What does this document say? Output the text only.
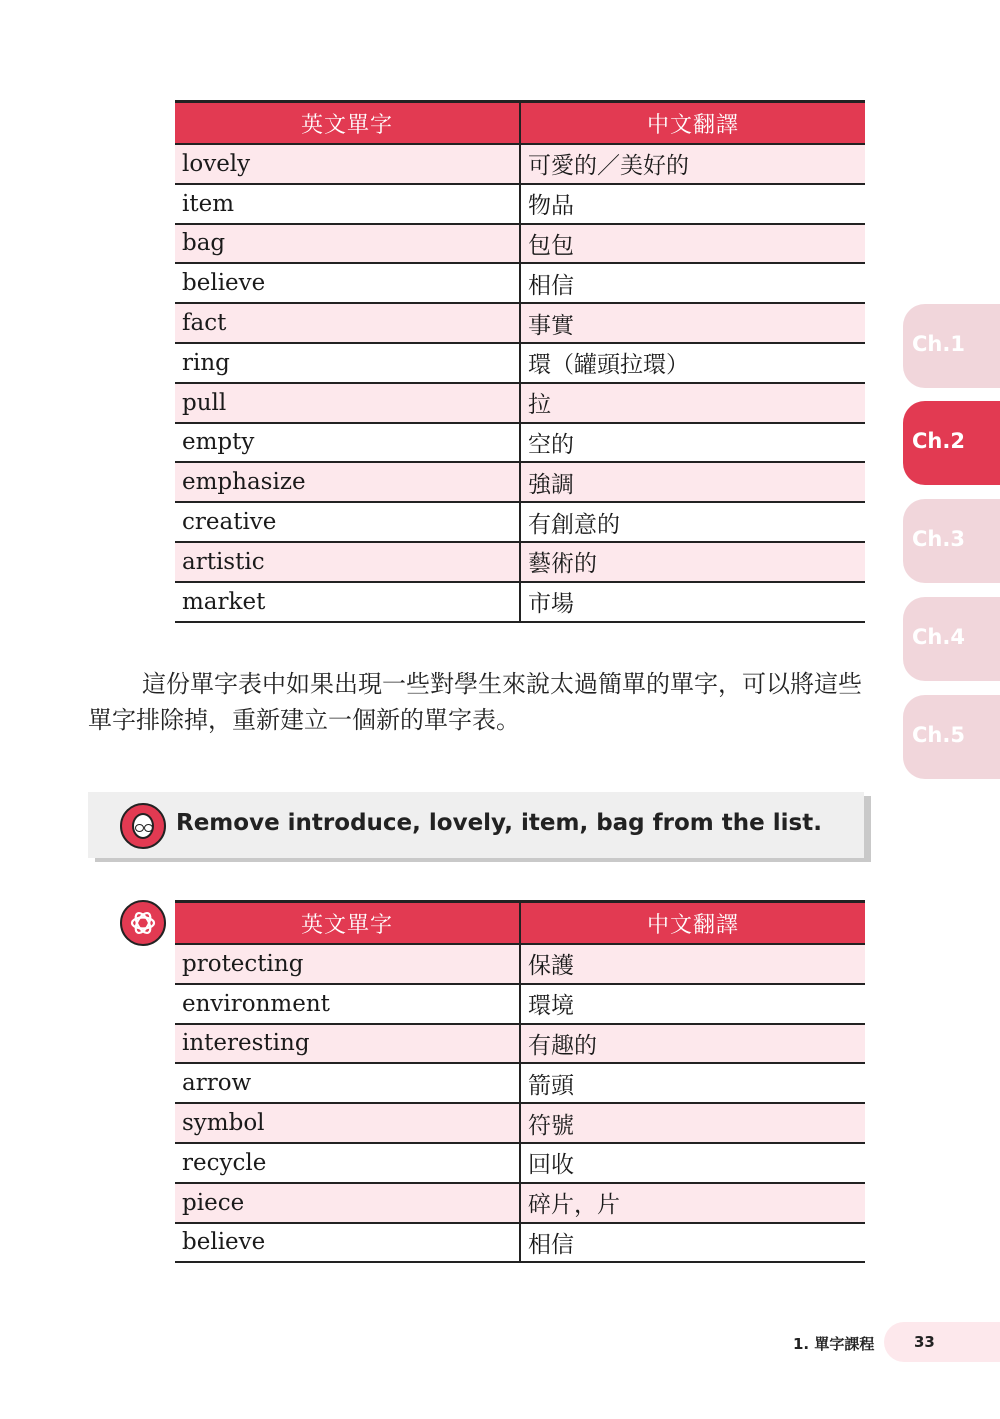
英文單字	中文翻譯
lovely	可愛的／美好的
item	物品
bag	包包
believe	相信
fact	事實
ring	環（罐頭拉環）
pull	拉
empty	空的
emphasize	強調
creative	有創意的
artistic	藝術的
market	市場

這份單字表中如果出現一些對學生來說太過簡單的單字，可以將這些單字排除掉，重新建立一個新的單字表。

Remove introduce, lovely, item, bag from the list.
英文單字	中文翻譯
protecting	保護
environment	環境
interesting	有趣的
arrow	箭頭
symbol	符號
recycle	回收
piece	碎片，片
believe	相信
Ch.1
Ch.2
Ch.3
Ch.4
Ch.5
1. 單字課程	33
